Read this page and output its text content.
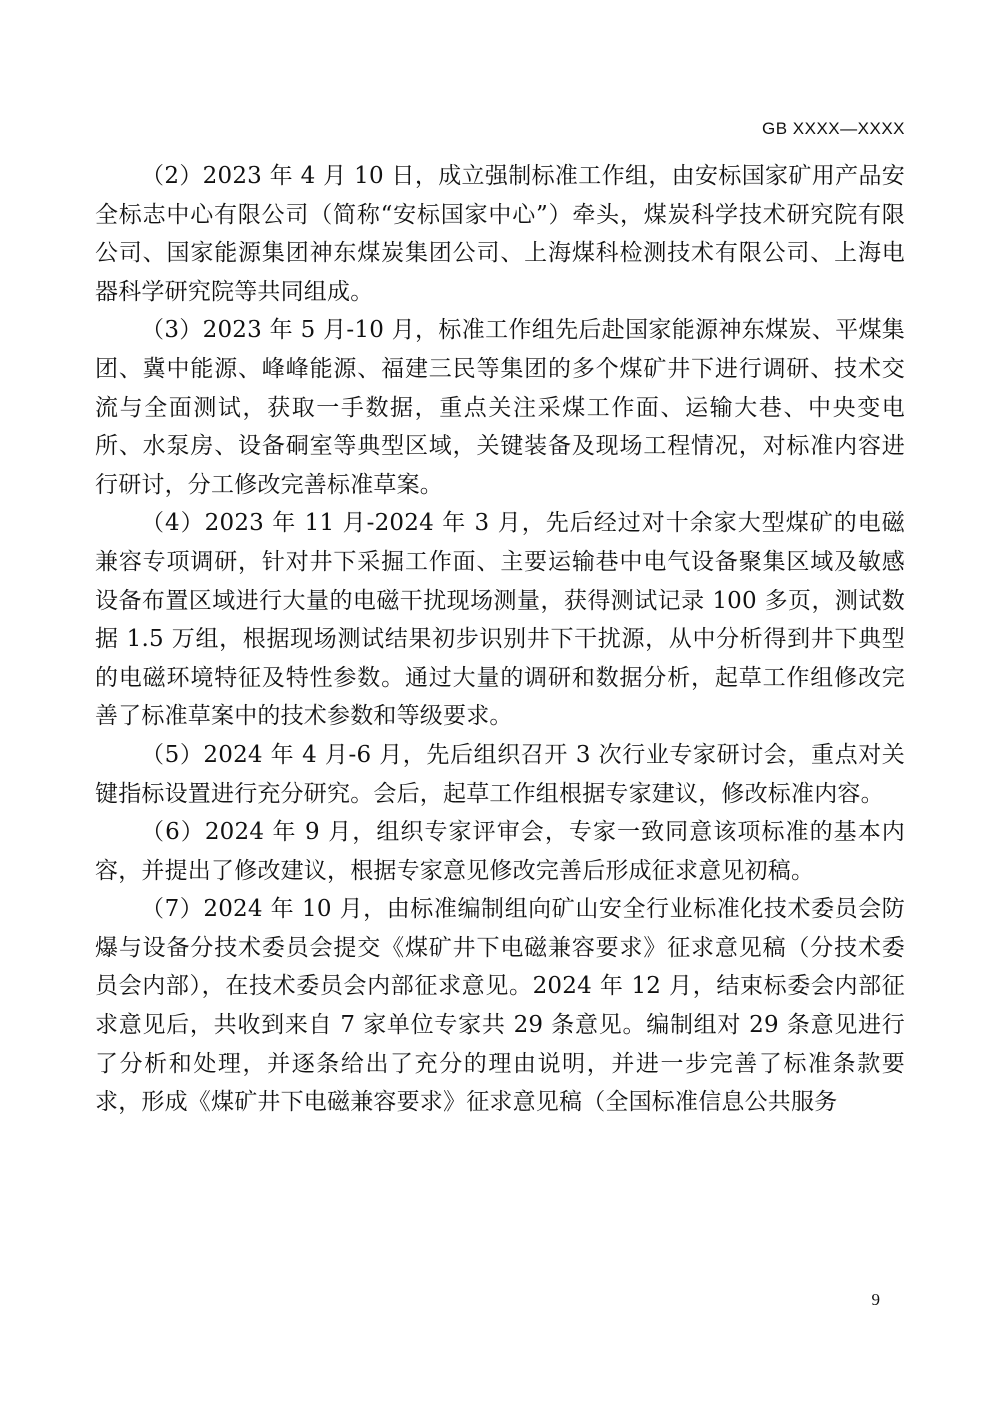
GB XXXX—XXXX

（2）2023 年 4 月 10 日，成立强制标准工作组，由安标国家矿用产品安全标志中心有限公司（简称“安标国家中心”）牵头，煤炭科学技术研究院有限公司、国家能源集团神东煤炭集团公司、上海煤科检测技术有限公司、上海电器科学研究院等共同组成。

（3）2023 年 5 月-10 月，标准工作组先后赴国家能源神东煤炭、平煤集团、冀中能源、峰峰能源、福建三民等集团的多个煤矿井下进行调研、技术交流与全面测试，获取一手数据，重点关注采煤工作面、运输大巷、中央变电所、水泵房、设备硐室等典型区域，关键装备及现场工程情况，对标准内容进行研讨，分工修改完善标准草案。

（4）2023 年 11 月-2024 年 3 月，先后经过对十余家大型煤矿的电磁兼容专项调研，针对井下采掘工作面、主要运输巷中电气设备聚集区域及敏感设备布置区域进行大量的电磁干扰现场测量，获得测试记录 100 多页，测试数据 1.5 万组，根据现场测试结果初步识别井下干扰源，从中分析得到井下典型的电磁环境特征及特性参数。通过大量的调研和数据分析，起草工作组修改完善了标准草案中的技术参数和等级要求。

（5）2024 年 4 月-6 月，先后组织召开 3 次行业专家研讨会，重点对关键指标设置进行充分研究。会后，起草工作组根据专家建议，修改标准内容。

（6）2024 年 9 月，组织专家评审会，专家一致同意该项标准的基本内容，并提出了修改建议，根据专家意见修改完善后形成征求意见初稿。

（7）2024 年 10 月，由标准编制组向矿山安全行业标准化技术委员会防爆与设备分技术委员会提交《煤矿井下电磁兼容要求》征求意见稿（分技术委员会内部），在技术委员会内部征求意见。2024 年 12 月，结束标委会内部征求意见后，共收到来自 7 家单位专家共 29 条意见。编制组对 29 条意见进行了分析和处理，并逐条给出了充分的理由说明，并进一步完善了标准条款要求，形成《煤矿井下电磁兼容要求》征求意见稿（全国标准信息公共服务

9
